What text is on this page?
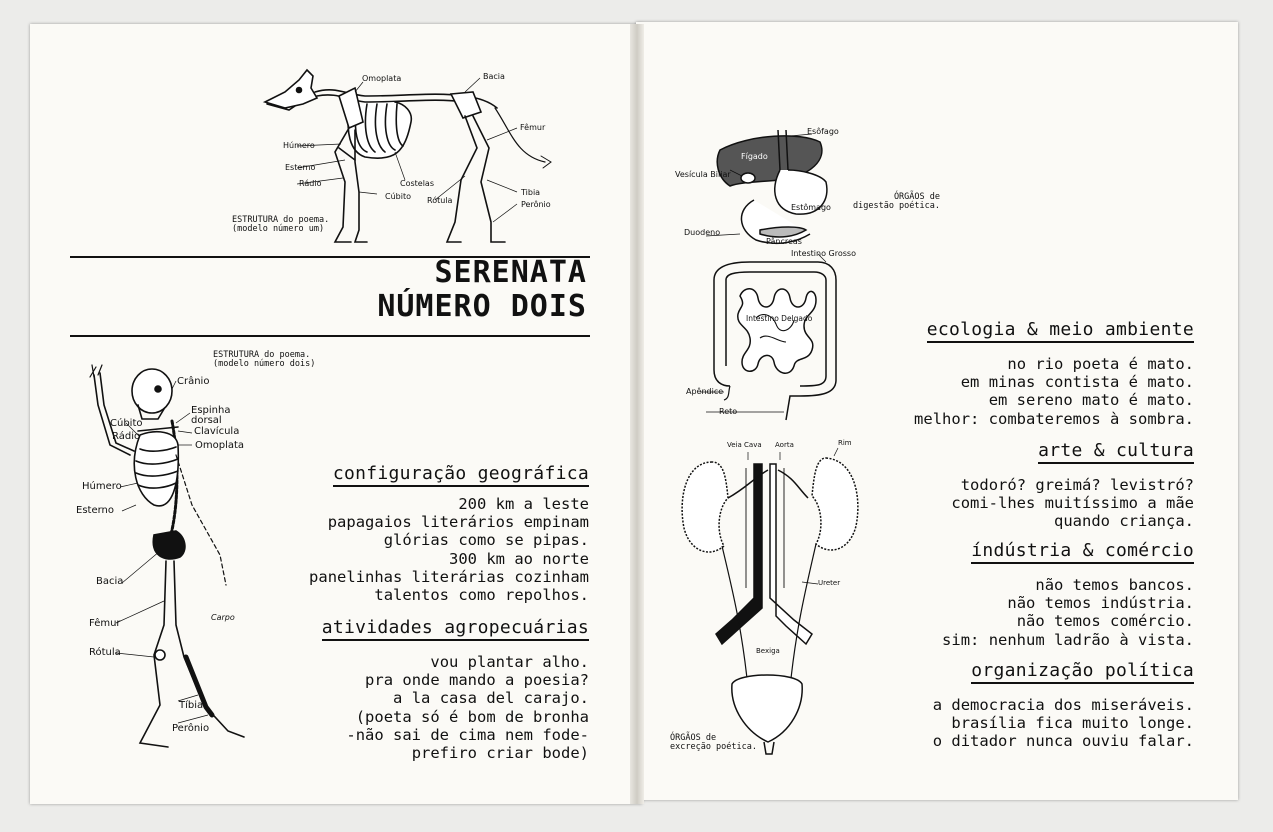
Omoplata	Bacia
Fêmur
Húmero
Esterno
Rádio	Costelas
Cúbito Rótula
Tibia
Perônio
ESTRUTURA do poema.
(modelo número um)
SERENATA
NÚMERO DOIS
ESTRUTURA do poema.
(modelo número dois)
Crânio
Espinha
dorsal
Cúbito
Clavícula
Rádio
Omoplata
Húmero
Esterno
Bacia
Fêmur
Carpo
Rótula
Tíbia
Perônio
configuração geográfica
200 km a leste
papagaios literários empinam
glórias como se pipas.
300 km ao norte
panelinhas literárias cozinham
talentos como repolhos.
atividades agropecuárias
vou plantar alho.
pra onde mando a poesia?
a la casa del carajo.
(poeta só é bom de bronha
-não sai de cima nem fode-
prefiro criar bode)
Esôfago
Fígado
Vesícula Biliar
Estômago
Duodeno
Pâncreas
Intestino Grosso
Intestino Delgado
Apêndice
Reto
ÓRGÃOS de
digestão poética.
Veia Cava Aorta	Rim
Ureter
Bexiga
ÓRGÃOS de
excreção poética.
ecologia & meio ambiente
no rio poeta é mato.
em minas contista é mato.
em sereno mato é mato.
melhor: combateremos à sombra.
arte & cultura
todoró? greimá? levistró?
comi-lhes muitíssimo a mãe
quando criança.
índústria & comércio
não temos bancos.
não temos indústria.
não temos comércio.
sim: nenhum ladrão à vista.
organização política
a democracia dos miseráveis.
brasília fica muito longe.
o ditador nunca ouviu falar.
